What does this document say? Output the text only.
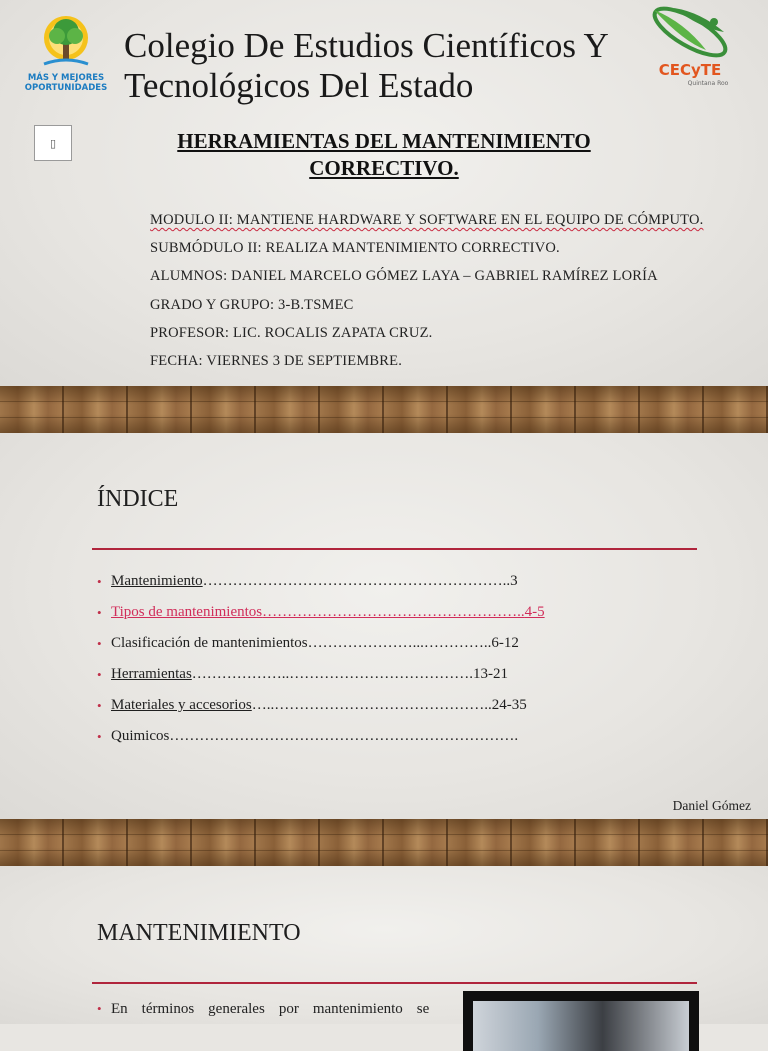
MÁS Y MEJORES
OPORTUNIDADES
Colegio De Estudios Científicos Y
Tecnológicos Del Estado	CECyTE
Quintana Roo
▯	HERRAMIENTAS DEL MANTENIMIENTO
CORRECTIVO.
MODULO II: MANTIENE HARDWARE Y SOFTWARE EN EL EQUIPO DE CÓMPUTO.
SUBMÓDULO II: REALIZA MANTENIMIENTO CORRECTIVO.
ALUMNOS: DANIEL MARCELO GÓMEZ LAYA – GABRIEL RAMÍREZ LORÍA
GRADO Y GRUPO: 3-B.TSMEC
PROFESOR: LIC. ROCALIS ZAPATA CRUZ.
FECHA: VIERNES 3 DE SEPTIEMBRE.
ÍNDICE
• Mantenimiento …………………………………………………….. 3
• Tipos de mantenimientos …………………………………………….. 4-5
• Clasificación de mantenimientos …………………...………….. 6-12
• Herramientas ………………..………………………………. 13-21
• Materiales y accesorios …..…………………………………….. 24-35
• Quimicos …………………………………………………………….
Daniel Gómez
MANTENIMIENTO
• En términos generales por mantenimiento se
